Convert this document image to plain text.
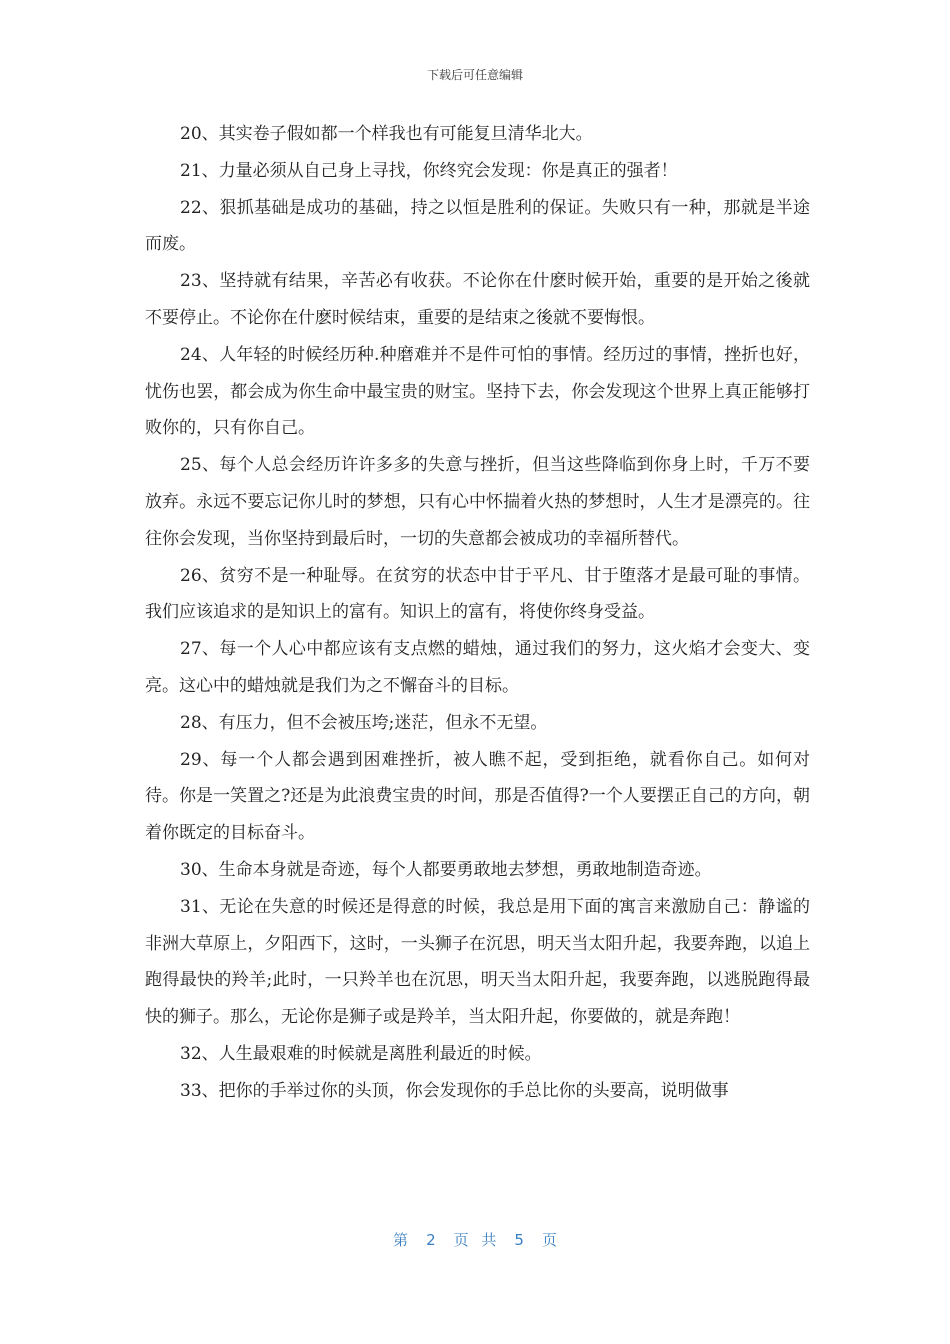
下载后可任意编辑

20、其实卷子假如都一个样我也有可能复旦清华北大。

21、力量必须从自己身上寻找，你终究会发现：你是真正的强者！

22、狠抓基础是成功的基础，持之以恒是胜利的保证。失败只有一种，那就是半途而废。

23、坚持就有结果，辛苦必有收获。不论你在什麽时候开始，重要的是开始之後就不要停止。不论你在什麽时候结束，重要的是结束之後就不要悔恨。

24、人年轻的时候经历种.种磨难并不是件可怕的事情。经历过的事情，挫折也好，忧伤也罢，都会成为你生命中最宝贵的财宝。坚持下去，你会发现这个世界上真正能够打败你的，只有你自己。

25、每个人总会经历许许多多的失意与挫折，但当这些降临到你身上时，千万不要放弃。永远不要忘记你儿时的梦想，只有心中怀揣着火热的梦想时，人生才是漂亮的。往往你会发现，当你坚持到最后时，一切的失意都会被成功的幸福所替代。

26、贫穷不是一种耻辱。在贫穷的状态中甘于平凡、甘于堕落才是最可耻的事情。我们应该追求的是知识上的富有。知识上的富有，将使你终身受益。

27、每一个人心中都应该有支点燃的蜡烛，通过我们的努力，这火焰才会变大、变亮。这心中的蜡烛就是我们为之不懈奋斗的目标。

28、有压力，但不会被压垮;迷茫，但永不无望。

29、每一个人都会遇到困难挫折，被人瞧不起，受到拒绝，就看你自己。如何对待。你是一笑置之?还是为此浪费宝贵的时间，那是否值得?一个人要摆正自己的方向，朝着你既定的目标奋斗。

30、生命本身就是奇迹，每个人都要勇敢地去梦想，勇敢地制造奇迹。

31、无论在失意的时候还是得意的时候，我总是用下面的寓言来激励自己：静谧的非洲大草原上，夕阳西下，这时，一头狮子在沉思，明天当太阳升起，我要奔跑，以追上跑得最快的羚羊;此时，一只羚羊也在沉思，明天当太阳升起，我要奔跑，以逃脱跑得最快的狮子。那么，无论你是狮子或是羚羊，当太阳升起，你要做的，就是奔跑！

32、人生最艰难的时候就是离胜利最近的时候。

33、把你的手举过你的头顶，你会发现你的手总比你的头要高，说明做事

第 2 页 共 5 页
